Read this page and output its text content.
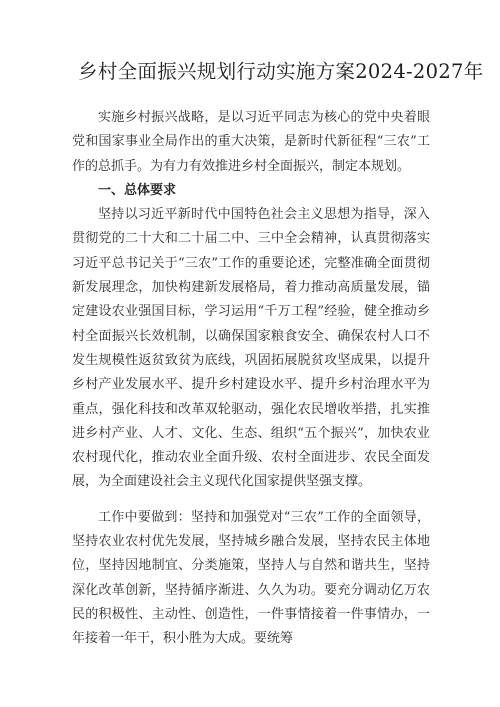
乡村全面振兴规划行动实施方案2024-2027年

实施乡村振兴战略，是以习近平同志为核心的党中央着眼党和国家事业全局作出的重大决策，是新时代新征程“三农”工作的总抓手。为有力有效推进乡村全面振兴，制定本规划。

一、总体要求

坚持以习近平新时代中国特色社会主义思想为指导，深入贯彻党的二十大和二十届二中、三中全会精神，认真贯彻落实习近平总书记关于“三农”工作的重要论述，完整准确全面贯彻新发展理念，加快构建新发展格局，着力推动高质量发展，锚定建设农业强国目标，学习运用“千万工程”经验，健全推动乡村全面振兴长效机制，以确保国家粮食安全、确保农村人口不发生规模性返贫致贫为底线，巩固拓展脱贫攻坚成果，以提升乡村产业发展水平、提升乡村建设水平、提升乡村治理水平为重点，强化科技和改革双轮驱动，强化农民增收举措，扎实推进乡村产业、人才、文化、生态、组织“五个振兴”，加快农业农村现代化，推动农业全面升级、农村全面进步、农民全面发展，为全面建设社会主义现代化国家提供坚强支撑。

工作中要做到：坚持和加强党对“三农”工作的全面领导，坚持农业农村优先发展，坚持城乡融合发展，坚持农民主体地位，坚持因地制宜、分类施策，坚持人与自然和谐共生，坚持深化改革创新，坚持循序渐进、久久为功。要充分调动亿万农民的积极性、主动性、创造性，一件事情接着一件事情办，一年接着一年干，积小胜为大成。要统筹
